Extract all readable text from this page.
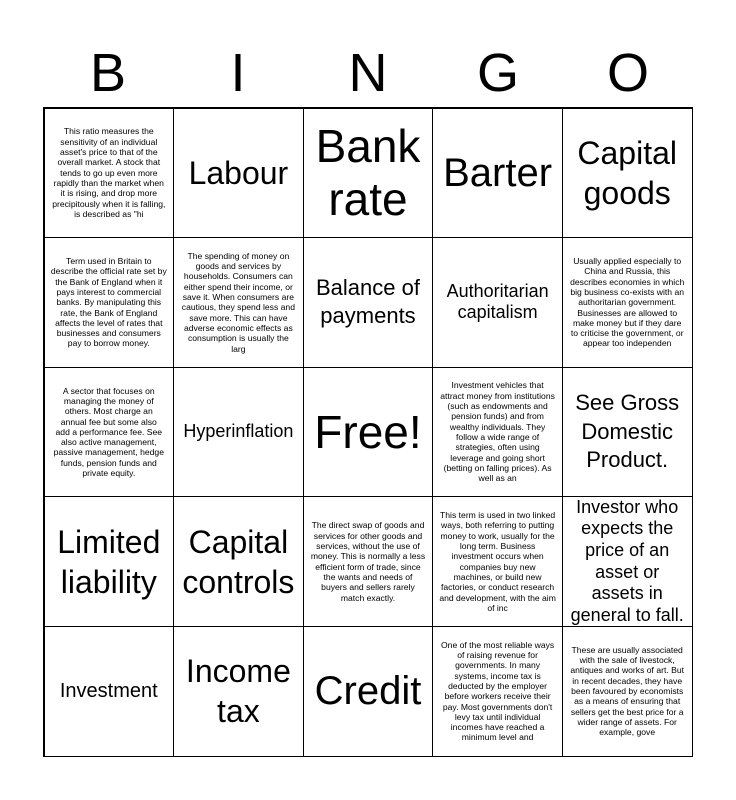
B	I	N	G	O
This ratio measures the sensitivity of an individual asset's price to that of the overall market. A stock that tends to go up even more rapidly than the market when it is rising, and drop more precipitously when it is falling, is described as "hi
Labour
Bank rate Barter Capital goods
Term used in Britain to describe the official rate set by the Bank of England when it pays interest to commercial banks. By manipulating this rate, the Bank of England affects the level of rates that businesses and consumers pay to borrow money.
The spending of money on goods and services by households. Consumers can either spend their income, or save it. When consumers are cautious, they spend less and save more. This can have adverse economic effects as consumption is usually the larg
Balance of payments
Authoritarian capitalism
Usually applied especially to China and Russia, this describes economies in which big business co-exists with an authoritarian government. Businesses are allowed to make money but if they dare to criticise the government, or appear too independen
A sector that focuses on managing the money of others. Most charge an annual fee but some also add a performance fee. See also active management, passive management, hedge funds, pension funds and private equity.
Hyperinflation Free!
Investment vehicles that attract money from institutions (such as endowments and pension funds) and from wealthy individuals. They follow a wide range of strategies, often using leverage and going short (betting on falling prices). As well as an
See Gross Domestic Product.
Limited liability
Capital controls
The direct swap of goods and services for other goods and services, without the use of money. This is normally a less efficient form of trade, since the wants and needs of buyers and sellers rarely match exactly.
This term is used in two linked ways, both referring to putting money to work, usually for the long term. Business investment occurs when companies buy new machines, or build new factories, or conduct research and development, with the aim of inc
Investor who expects the price of an asset or assets in general to fall.
Investment
Income tax	Credit
One of the most reliable ways of raising revenue for governments. In many systems, income tax is deducted by the employer before workers receive their pay. Most governments don't levy tax until individual incomes have reached a minimum level and
These are usually associated with the sale of livestock, antiques and works of art. But in recent decades, they have been favoured by economists as a means of ensuring that sellers get the best price for a wider range of assets. For example, gove
